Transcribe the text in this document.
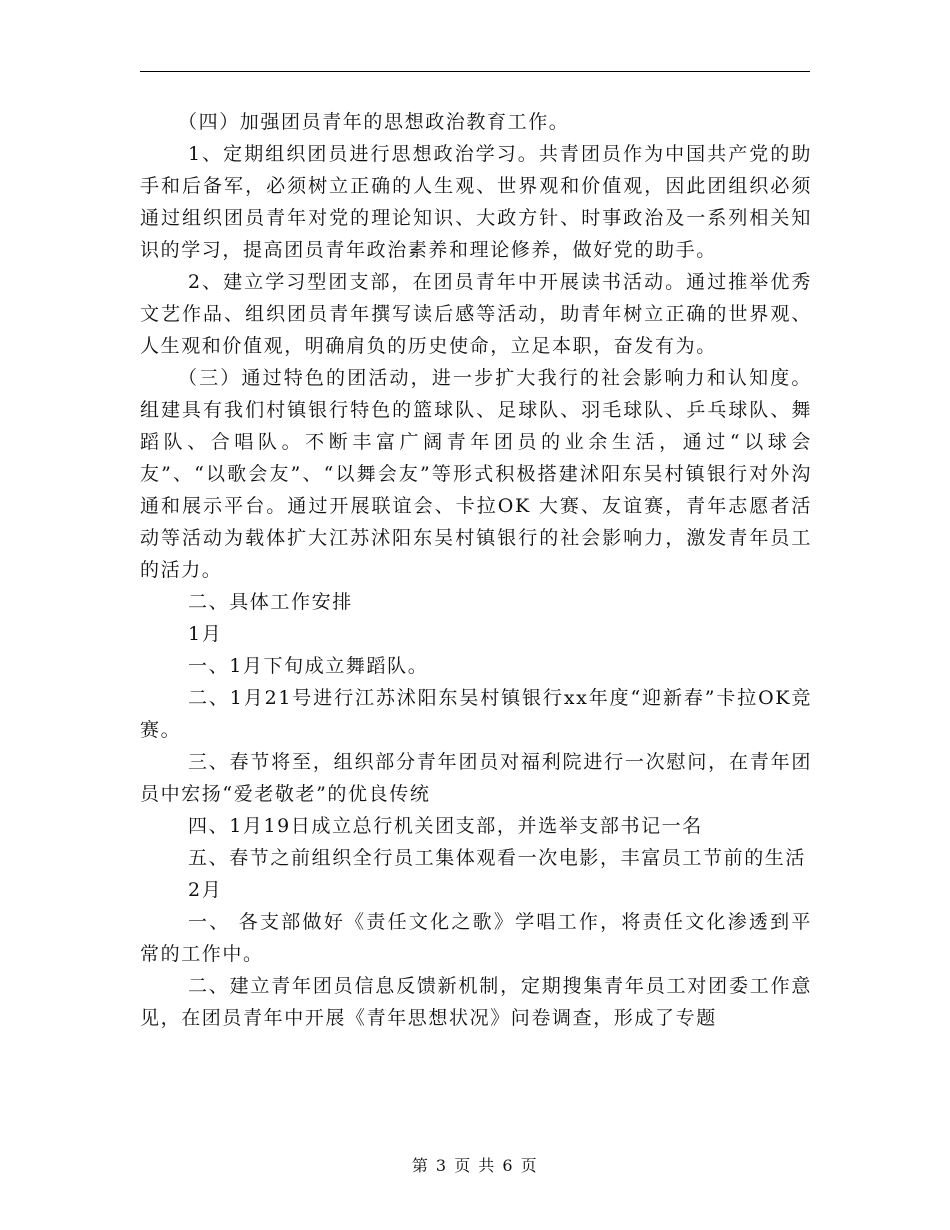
（四）加强团员青年的思想政治教育工作。

1、定期组织团员进行思想政治学习。共青团员作为中国共产党的助手和后备军，必须树立正确的人生观、世界观和价值观，因此团组织必须通过组织团员青年对党的理论知识、大政方针、时事政治及一系列相关知识的学习，提高团员青年政治素养和理论修养，做好党的助手。

2、建立学习型团支部，在团员青年中开展读书活动。通过推举优秀文艺作品、组织团员青年撰写读后感等活动，助青年树立正确的世界观、人生观和价值观，明确肩负的历史使命，立足本职，奋发有为。

（三）通过特色的团活动，进一步扩大我行的社会影响力和认知度。组建具有我们村镇银行特色的篮球队、足球队、羽毛球队、乒乓球队、舞蹈队、合唱队。不断丰富广阔青年团员的业余生活，通过“以球会友”、“以歌会友”、“以舞会友”等形式积极搭建沭阳东吴村镇银行对外沟通和展示平台。通过开展联谊会、卡拉OK 大赛、友谊赛，青年志愿者活动等活动为载体扩大江苏沭阳东吴村镇银行的社会影响力，激发青年员工的活力。

二、具体工作安排

1月

一、1月下旬成立舞蹈队。

二、1月21号进行江苏沭阳东吴村镇银行xx年度“迎新春”卡拉OK竞赛。

三、春节将至，组织部分青年团员对福利院进行一次慰问，在青年团员中宏扬“爱老敬老”的优良传统

四、1月19日成立总行机关团支部，并选举支部书记一名

五、春节之前组织全行员工集体观看一次电影，丰富员工节前的生活

2月

一、 各支部做好《责任文化之歌》学唱工作，将责任文化渗透到平常的工作中。

二、建立青年团员信息反馈新机制，定期搜集青年员工对团委工作意见，在团员青年中开展《青年思想状况》问卷调查，形成了专题

第 3 页 共 6 页
